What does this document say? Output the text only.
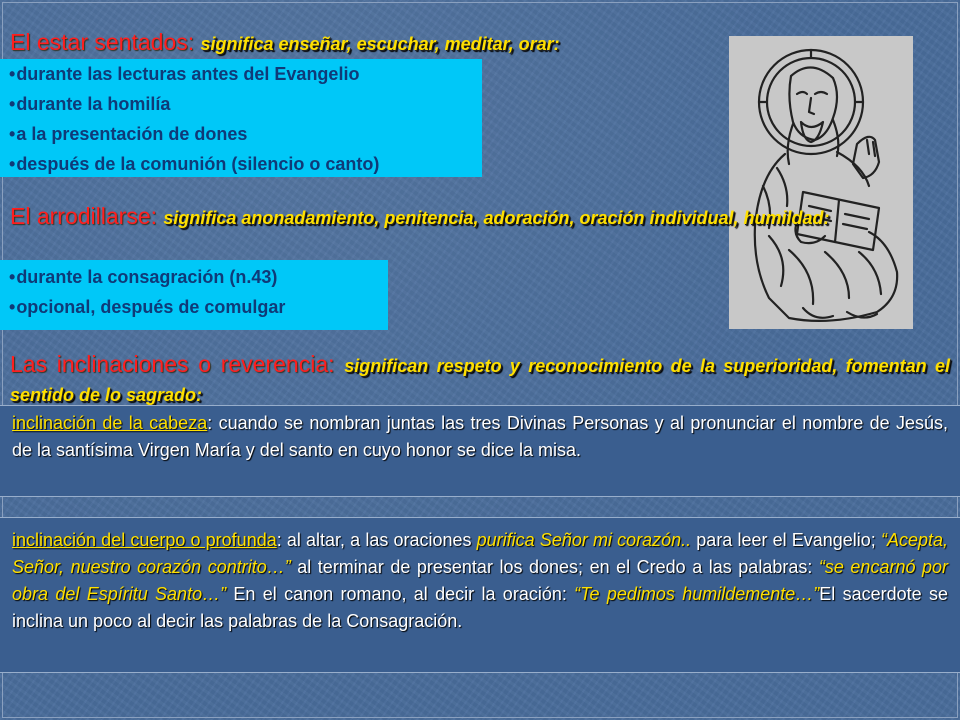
El estar sentados: significa enseñar, escuchar, meditar, orar:
• durante las lecturas antes del Evangelio
• durante la homilía
• a la presentación de dones
• después de la comunión (silencio o canto)
El arrodillarse: significa anonadamiento, penitencia, adoración, oración individual, humildad:
• durante la consagración (n.43)
• opcional, después de comulgar
Las inclinaciones o reverencia: significan respeto y reconocimiento de la superioridad, fomentan el sentido de lo sagrado:

inclinación de la cabeza: cuando se nombran juntas las tres Divinas Personas y al pronunciar el nombre de Jesús, de la santísima Virgen María y del santo en cuyo honor se dice la misa.

inclinación del cuerpo o profunda: al altar, a las oraciones purifica Señor mi corazón.. para leer el Evangelio; “Acepta, Señor, nuestro corazón contrito…” al terminar de presentar los dones; en el Credo a las palabras: “se encarnó por obra del Espíritu Santo…” En el canon romano, al decir la oración: “Te pedimos humildemente…”El sacerdote se inclina un poco al decir las palabras de la Consagración.
